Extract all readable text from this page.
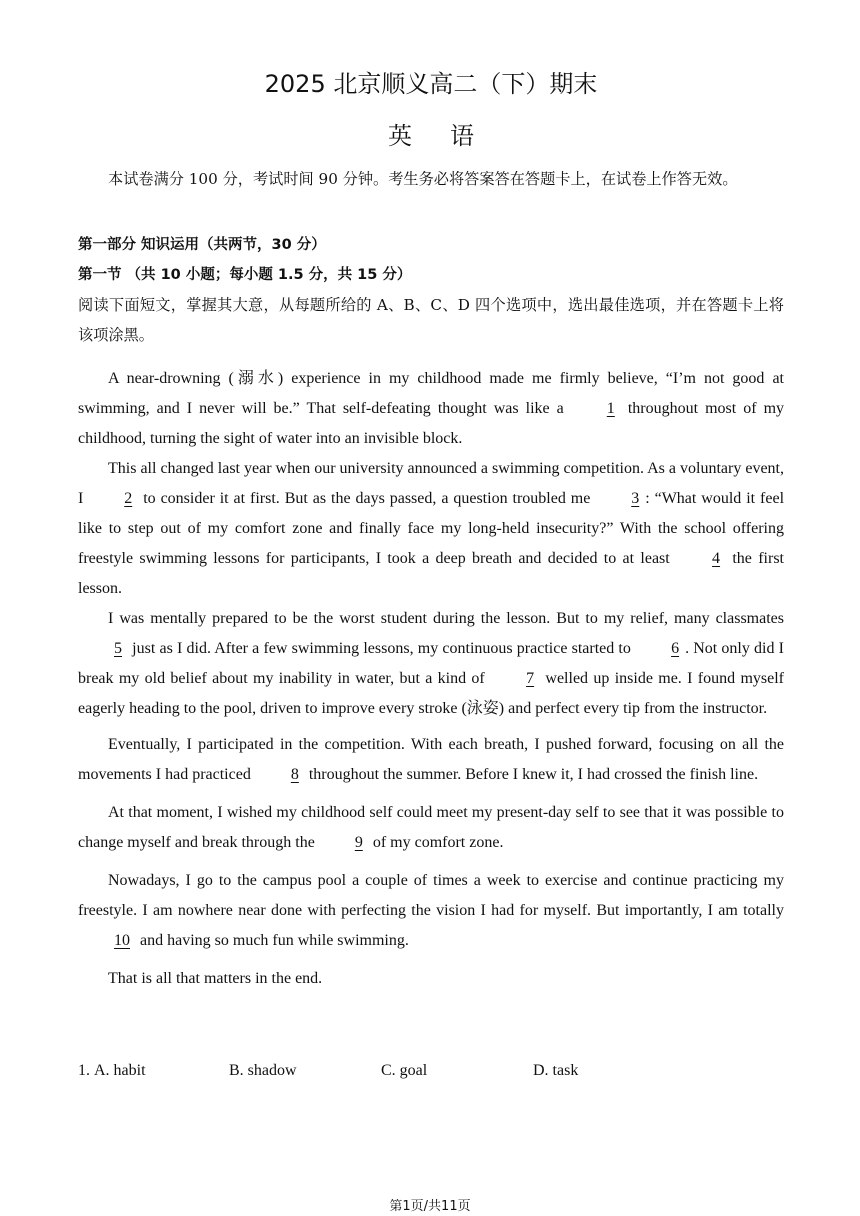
2025 北京顺义高二（下）期末
英语

本试卷满分 100 分，考试时间 90 分钟。考生务必将答案答在答题卡上，在试卷上作答无效。

第一部分 知识运用（共两节，30 分）

第一节 （共 10 小题；每小题 1.5 分，共 15 分）

阅读下面短文，掌握其大意，从每题所给的 A、B、C、D 四个选项中，选出最佳选项，并在答题卡上将该项涂黑。

A near-drowning (溺水) experience in my childhood made me firmly believe, “I’m not good at swimming, and I never will be.” That self-defeating thought was like a 1 throughout most of my childhood, turning the sight of water into an invisible block.

This all changed last year when our university announced a swimming competition. As a voluntary event, I 2 to consider it at first. But as the days passed, a question troubled me 3 : “What would it feel like to step out of my comfort zone and finally face my long-held insecurity?” With the school offering freestyle swimming lessons for participants, I took a deep breath and decided to at least 4 the first lesson.

I was mentally prepared to be the worst student during the lesson. But to my relief, many classmates 5 just as I did. After a few swimming lessons, my continuous practice started to 6 . Not only did I break my old belief about my inability in water, but a kind of 7 welled up inside me. I found myself eagerly heading to the pool, driven to improve every stroke (泳姿) and perfect every tip from the instructor.

Eventually, I participated in the competition. With each breath, I pushed forward, focusing on all the movements I had practiced 8 throughout the summer. Before I knew it, I had crossed the finish line.

At that moment, I wished my childhood self could meet my present-day self to see that it was possible to change myself and break through the 9 of my comfort zone.

Nowadays, I go to the campus pool a couple of times a week to exercise and continue practicing my freestyle. I am nowhere near done with perfecting the vision I had for myself. But importantly, I am totally 10 and having so much fun while swimming.

That is all that matters in the end.

1. A. habit	B. shadow	C. goal	D. task
第1页/共11页
